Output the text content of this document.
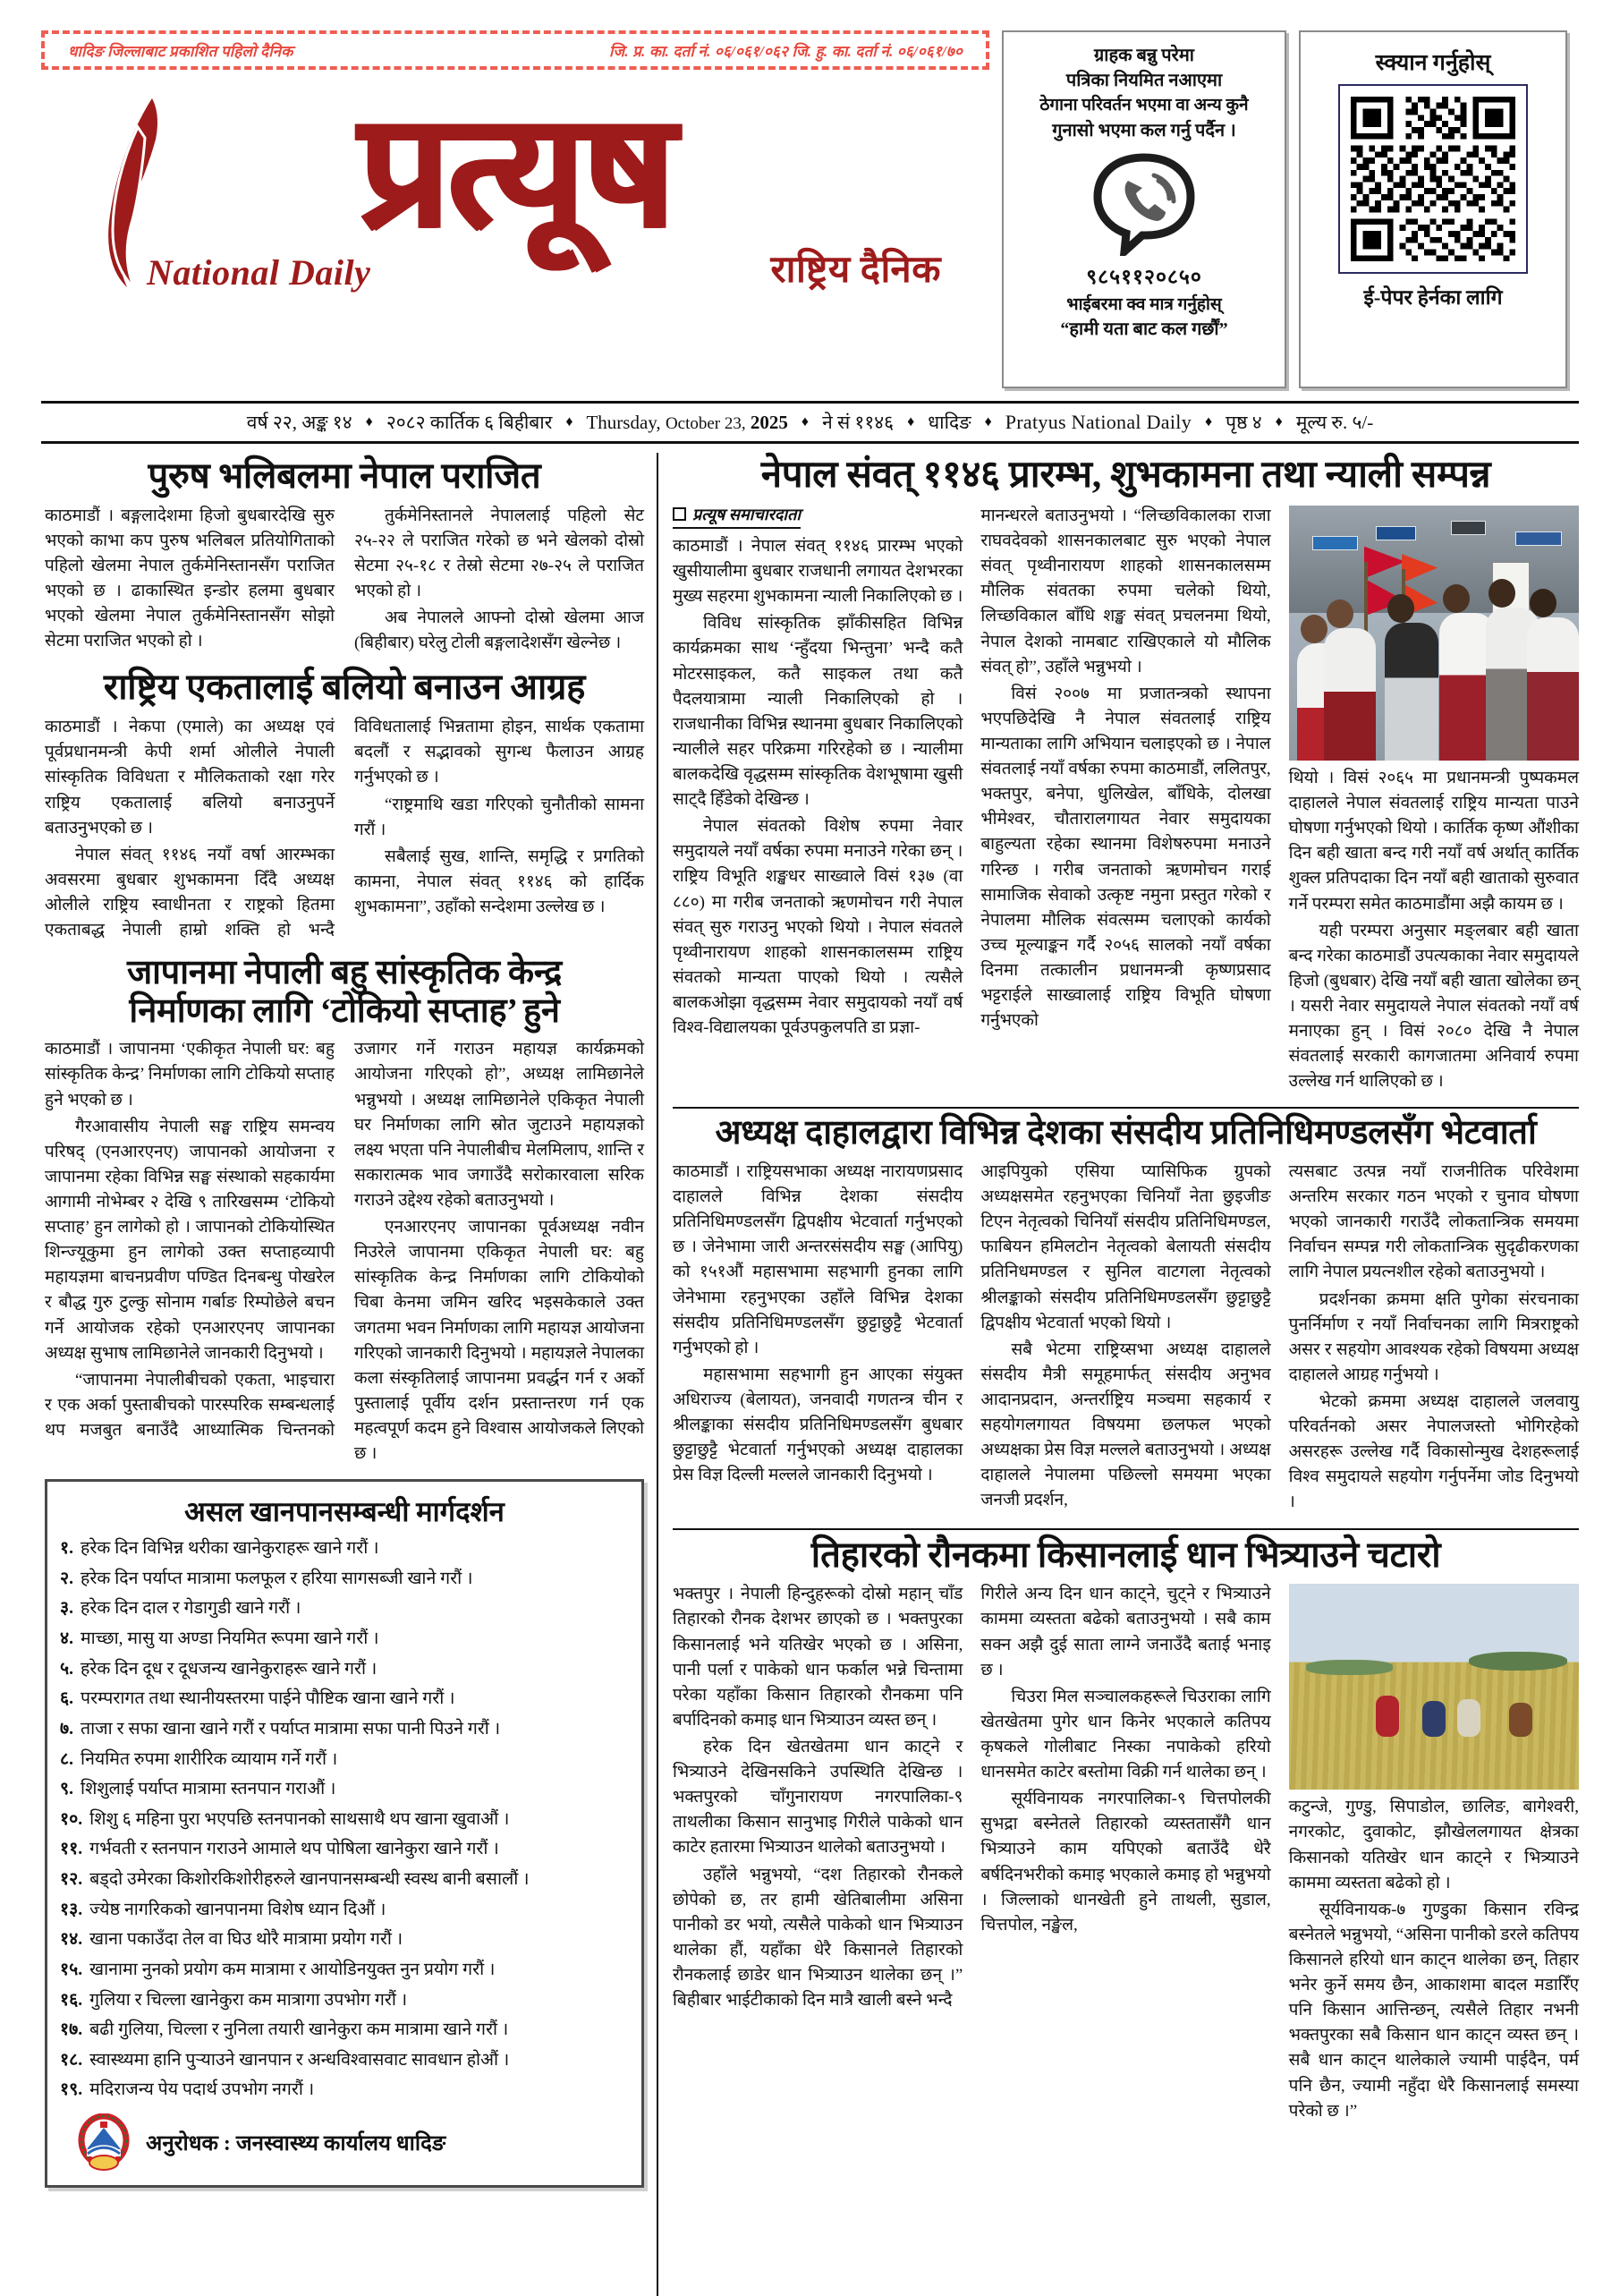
धादिङ जिल्लाबाट प्रकाशित पहिलो दैनिक	जि. प्र. का. दर्ता नं. ०६/०६१/०६२ जि. हु. का. दर्ता नं. ०६/०६१/७०
प्रत्यूष
National Daily	राष्ट्रिय दैनिक
ग्राहक बन्नु परेमा
पत्रिका नियमित नआएमा
ठेगाना परिवर्तन भएमा वा अन्य कुनै
गुनासो भएमा कल गर्नु पर्दैन ।
९८५११२०८५०
भाईबरमा क्व मात्र गर्नुहोस्
“हामी यता बाट कल गर्छौं”
स्क्यान गर्नुहोस्
ई-पेपर हेर्नका लागि
वर्ष २२, अङ्क १४ ♦ २०८२ कार्तिक ६ बिहीबार ♦ Thursday, October 23, 2025 ♦ ने सं ११४६ ♦ धादिङ ♦ Pratyus National Daily ♦ पृष्ठ ४ ♦ मूल्य रु. ५/-
पुरुष भलिबलमा नेपाल पराजित

काठमाडौं । बङ्गलादेशमा हिजो बुधबारदेखि सुरु भएको काभा कप पुरुष भलिबल प्रतियोगिताको पहिलो खेलमा नेपाल तुर्कमेनिस्तानसँग पराजित भएको छ । ढाकास्थित इन्डोर हलमा बुधबार भएको खेलमा नेपाल तुर्कमेनिस्तानसँग सोझो सेटमा पराजित भएको हो ।

तुर्कमेनिस्तानले नेपाललाई पहिलो सेट २५-२२ ले पराजित गरेको छ भने खेलको दोस्रो सेटमा २५-१८ र तेस्रो सेटमा २७-२५ ले पराजित भएको हो ।

अब नेपालले आफ्नो दोस्रो खेलमा आज (बिहीबार) घरेलु टोली बङ्गलादेशसँग खेल्नेछ ।

राष्ट्रिय एकतालाई बलियो बनाउन आग्रह

काठमाडौं । नेकपा (एमाले) का अध्यक्ष एवं पूर्वप्रधानमन्त्री केपी शर्मा ओलीले नेपाली सांस्कृतिक विविधता र मौलिकताको रक्षा गरेर राष्ट्रिय एकतालाई बलियो बनाउनुपर्ने बताउनुभएको छ ।

नेपाल संवत् ११४६ नयाँ वर्षा आरम्भका अवसरमा बुधबार शुभकामना दिँदै अध्यक्ष ओलीले राष्ट्रिय स्वाधीनता र राष्ट्रको हितमा एकताबद्ध नेपाली हाम्रो शक्ति हो भन्दै विविधतालाई भिन्नतामा होइन, सार्थक एकतामा बदलौं र सद्भावको सुगन्ध फैलाउन आग्रह गर्नुभएको छ ।

“राष्ट्रमाथि खडा गरिएको चुनौतीको सामना गरौं ।

सबैलाई सुख, शान्ति, समृद्धि र प्रगतिको कामना, नेपाल संवत् ११४६ को हार्दिक शुभकामना”, उहाँको सन्देशमा उल्लेख छ ।

जापानमा नेपाली बहु सांस्कृतिक केन्द्र
निर्माणका लागि ‘टोकियो सप्ताह’ हुने

काठमाडौं । जापानमा ‘एकीकृत नेपाली घर: बहु सांस्कृतिक केन्द्र’ निर्माणका लागि टोकियो सप्ताह हुने भएको छ ।

गैरआवासीय नेपाली सङ्घ राष्ट्रिय समन्वय परिषद् (एनआरएनए) जापानको आयोजना र जापानमा रहेका विभिन्न सङ्घ संस्थाको सहकार्यमा आगामी नोभेम्बर २ देखि ९ तारिखसम्म ‘टोकियो सप्ताह’ हुन लागेको हो । जापानको टोकियोस्थित शिन्ज्यूकुमा हुन लागेको उक्त सप्ताहव्यापी महायज्ञमा बाचनप्रवीण पण्डित दिनबन्धु पोखरेल र बौद्ध गुरु टुल्कु सोनाम गर्बाङ रिम्पोछेले बचन गर्ने आयोजक रहेको एनआरएनए जापानका अध्यक्ष सुभाष लामिछानेले जानकारी दिनुभयो ।

“जापानमा नेपालीबीचको एकता, भाइचारा र एक अर्का पुस्ताबीचको पारस्परिक सम्बन्धलाई थप मजबुत बनाउँदै आध्यात्मिक चिन्तनको उजागर गर्ने गराउन महायज्ञ कार्यक्रमको आयोजना गरिएको हो”, अध्यक्ष लामिछानेले भन्नुभयो । अध्यक्ष लामिछानेले एकिकृत नेपाली घर निर्माणका लागि स्रोत जुटाउने महायज्ञको लक्ष्य भएता पनि नेपालीबीच मेलमिलाप, शान्ति र सकारात्मक भाव जगाउँदै सरोकारवाला सरिक गराउने उद्देश्य रहेको बताउनुभयो ।

एनआरएनए जापानका पूर्वअध्यक्ष नवीन निउरेले जापानमा एकिकृत नेपाली घर: बहु सांस्कृतिक केन्द्र निर्माणका लागि टोकियोको चिबा केनमा जमिन खरिद भइसकेकाले उक्त जगतमा भवन निर्माणका लागि महायज्ञ आयोजना गरिएको जानकारी दिनुभयो । महायज्ञले नेपालका कला संस्कृतिलाई जापानमा प्रवर्द्धन गर्न र अर्को पुस्तालाई पूर्वीय दर्शन प्रस्तान्तरण गर्न एक महत्वपूर्ण कदम हुने विश्वास आयोजकले लिएको छ ।

असल खानपानसम्बन्धी मार्गदर्शन
१. हरेक दिन विभिन्न थरीका खानेकुराहरू खाने गरौं ।
२. हरेक दिन पर्याप्त मात्रामा फलफूल र हरिया सागसब्जी खाने गरौं ।
३. हरेक दिन दाल र गेडागुडी खाने गरौं ।
४. माच्छा, मासु या अण्डा नियमित रूपमा खाने गरौं ।
५. हरेक दिन दूध र दूधजन्य खानेकुराहरू खाने गरौं ।
६. परम्परागत तथा स्थानीयस्तरमा पाईने पौष्टिक खाना खाने गरौं ।
७. ताजा र सफा खाना खाने गरौं र पर्याप्त मात्रामा सफा पानी पिउने गरौं ।
८. नियमित रुपमा शारीरिक व्यायाम गर्ने गरौं ।
९. शिशुलाई पर्याप्त मात्रामा स्तनपान गराऔं ।
१०. शिशु ६ महिना पुरा भएपछि स्तनपानको साथसाथै थप खाना खुवाऔं ।
११. गर्भवती र स्तनपान गराउने आमाले थप पोषिला खानेकुरा खाने गरौं ।
१२. बड्दो उमेरका किशोरकिशोरीहरुले खानपानसम्बन्धी स्वस्थ बानी बसालौं ।
१३. ज्येष्ठ नागरिकको खानपानमा विशेष ध्यान दिऔं ।
१४. खाना पकाउँदा तेल वा घिउ थोरै मात्रामा प्रयोग गरौं ।
१५. खानामा नुनको प्रयोग कम मात्रामा र आयोडिनयुक्त नुन प्रयोग गरौं ।
१६. गुलिया र चिल्ला खानेकुरा कम मात्रागा उपभोग गरौं ।
१७. बढी गुलिया, चिल्ला र नुनिला तयारी खानेकुरा कम मात्रामा खाने गरौं ।
१८. स्वास्थ्यमा हानि पुऱ्याउने खानपान र अन्धविश्वासवाट सावधान होऔं ।
१९. मदिराजन्य पेय पदार्थ उपभोग नगरौं ।
अनुरोधक : जनस्वास्थ्य कार्यालय धादिङ
नेपाल संवत् ११४६ प्रारम्भ, शुभकामना तथा न्याली सम्पन्न
प्रत्यूष समाचारदाता

काठमाडौं । नेपाल संवत् ११४६ प्रारम्भ भएको खुसीयालीमा बुधबार राजधानी लगायत देशभरका मुख्य सहरमा शुभकामना न्याली निकालिएको छ ।

विविध सांस्कृतिक झाँकीसहित विभिन्न कार्यक्रमका साथ ‘न्हुँदया भिन्तुना’ भन्दै कतै मोटरसाइकल, कतै साइकल तथा कतै पैदलयात्रामा न्याली निकालिएको हो । राजधानीका विभिन्न स्थानमा बुधबार निकालिएको न्यालीले सहर परिक्रमा गरिरहेको छ । न्यालीमा बालकदेखि वृद्धसम्म सांस्कृतिक वेशभूषामा खुसी साट्दै हिँडेको देखिन्छ ।

नेपाल संवतको विशेष रुपमा नेवार समुदायले नयाँ वर्षका रुपमा मनाउने गरेका छन् । राष्ट्रिय विभूति शङ्खधर साख्वाले विसं १३७ (वा ८८०) मा गरीब जनताको ऋणमोचन गरी नेपाल संवत् सुरु गराउनु भएको थियो । नेपाल संवतले पृथ्वीनारायण शाहको शासनकालसम्म राष्ट्रिय संवतको मान्यता पाएको थियो । त्यसैले बालकओझा वृद्धसम्म नेवार समुदायको नयाँ वर्ष विश्व-विद्यालयका पूर्वउपकुलपति डा प्रज्ञा-

मानन्धरले बताउनुभयो । “लिच्छविकालका राजा राघवदेवको शासनकालबाट सुरु भएको नेपाल संवत् पृथ्वीनारायण शाहको शासनकालसम्म मौलिक संवतका रुपमा चलेको थियो, लिच्छविकाल बाँधि शङ्ख संवत् प्रचलनमा थियो, नेपाल देशको नामबाट राखिएकाले यो मौलिक संवत् हो”, उहाँले भन्नुभयो ।

विसं २००७ मा प्रजातन्त्रको स्थापना भएपछिदेखि नै नेपाल संवतलाई राष्ट्रिय मान्यताका लागि अभियान चलाइएको छ । नेपाल संवतलाई नयाँ वर्षका रुपमा काठमाडौं, ललितपुर, भक्तपुर, बनेपा, धुलिखेल, बाँधिकेे, दोलखा भीमेश्वर, चौतारालगायत नेवार समुदायका बाहुल्यता रहेका स्थानमा विशेषरुपमा मनाउने गरिन्छ । गरीब जनताको ऋणमोचन गराई सामाजिक सेवाको उत्कृष्ट नमुना प्रस्तुत गरेको र नेपालमा मौलिक संवत्सम्म चलाएको कार्यको उच्च मूल्याङ्कन गर्दै २०५६ सालको नयाँ वर्षका दिनमा तत्कालीन प्रधानमन्त्री कृष्णप्रसाद भट्टराईले साख्वालाई राष्ट्रिय विभूति घोषणा गर्नुभएको

थियो । विसं २०६५ मा प्रधानमन्त्री पुष्पकमल दाहालले नेपाल संवतलाई राष्ट्रिय मान्यता पाउने घोषणा गर्नुभएको थियो । कार्तिक कृष्ण औंशीका दिन बही खाता बन्द गरी नयाँ वर्ष अर्थात् कार्तिक शुक्ल प्रतिपदाका दिन नयाँ बही खाताको सुरुवात गर्ने परम्परा समेत काठमाडौंमा अझै कायम छ ।

यही परम्परा अनुसार मङ्लबार बही खाता बन्द गरेका काठमाडौं उपत्यकाका नेवार समुदायले हिजो (बुधबार) देखि नयाँ बही खाता खोलेका छन् । यसरी नेवार समुदायले नेपाल संवतको नयाँ वर्ष मनाएका हुन् । विसं २०८० देखि नै नेपाल संवतलाई सरकारी कागजातमा अनिवार्य रुपमा उल्लेख गर्न थालिएको छ ।

अध्यक्ष दाहालद्वारा विभिन्न देशका संसदीय प्रतिनिधिमण्डलसँग भेटवार्ता

काठमाडौं । राष्ट्रियसभाका अध्यक्ष नारायणप्रसाद दाहालले विभिन्न देशका संसदीय प्रतिनिधिमण्डलसँग द्विपक्षीय भेटवार्ता गर्नुभएको छ । जेनेभामा जारी अन्तरसंसदीय सङ्घ (आपियु) को १५१औं महासभामा सहभागी हुनका लागि जेनेभामा रहनुभएका उहाँले विभिन्न देशका संसदीय प्रतिनिधिमण्डलसँग छुट्टाछुट्टै भेटवार्ता गर्नुभएको हो ।

महासभामा सहभागी हुन आएका संयुक्त अधिराज्य (बेलायत), जनवादी गणतन्त्र चीन र श्रीलङ्काका संसदीय प्रतिनिधिमण्डलसँग बुधबार छुट्टाछुट्टै भेटवार्ता गर्नुभएको अध्यक्ष दाहालका प्रेस विज्ञ दिल्ली मल्लले जानकारी दिनुभयो ।

आइपियुको एसिया प्यासिफिक ग्रुपको अध्यक्षसमेत रहनुभएका चिनियाँ नेता छुइजीङ टिएन नेतृत्वको चिनियाँ संसदीय प्रतिनिधिमण्डल, फाबियन हमिलटोन नेतृत्वको बेलायती संसदीय प्रतिनिधमण्डल र सुनिल वाटगला नेतृत्वको श्रीलङ्काको संसदीय प्रतिनिधिमण्डलसँग छुट्टाछुट्टै द्विपक्षीय भेटवार्ता भएको थियो ।

सबै भेटमा राष्ट्रिय्सभा अध्यक्ष दाहालले संसदीय मैत्री समूहमार्फत् संसदीय अनुभव आदानप्रदान, अन्तर्राष्ट्रिय मञ्चमा सहकार्य र सहयोगलगायत विषयमा छलफल भएको अध्यक्षका प्रेस विज्ञ मल्लले बताउनुभयो । अध्यक्ष दाहालले नेपालमा पछिल्लो समयमा भएका जनजी प्रदर्शन,

त्यसबाट उत्पन्न नयाँ राजनीतिक परिवेशमा अन्तरिम सरकार गठन भएको र चुनाव घोषणा भएको जानकारी गराउँदै लोकतान्त्रिक समयमा निर्वाचन सम्पन्न गरी लोकतान्त्रिक सुदृढीकरणका लागि नेपाल प्रयत्नशील रहेको बताउनुभयो ।

प्रदर्शनका क्रममा क्षति पुगेका संरचनाका पुनर्निर्माण र नयाँ निर्वाचनका लागि मित्रराष्ट्रको असर र सहयोग आवश्यक रहेको विषयमा अध्यक्ष दाहालले आग्रह गर्नुभयो ।

भेटको क्रममा अध्यक्ष दाहालले जलवायु परिवर्तनको असर नेपालजस्तो भोगिरहेको असरहरू उल्लेख गर्दै विकासोन्मुख देशहरूलाई विश्व समुदायले सहयोग गर्नुपर्नेमा जोड दिनुभयो ।

तिहारको रौनकमा किसानलाई धान भित्र्याउने चटारो

भक्तपुर । नेपाली हिन्दुहरूको दोस्रो महान् चाँड तिहारको रौनक देशभर छाएको छ । भक्तपुरका किसानलाई भने यतिखेर भएको छ । असिना, पानी पर्ला र पाकेको धान फर्काल भन्ने चिन्तामा परेका यहाँका किसान तिहारको रौनकमा पनि बर्पादिनको कमाइ धान भित्र्याउन व्यस्त छन् ।

हरेक दिन खेतखेतमा धान काट्ने र भित्र्याउने देखिनसकिने उपस्थिति देखिन्छ । भक्तपुरको चाँगुनारायण नगरपालिका-९ ताथलीका किसान सानुभाइ गिरीले पाकेको धान काटेर हतारमा भित्र्याउन थालेको बताउनुभयो ।

उहाँले भन्नुभयो, “दश तिहारको रौनकले छोपेको छ, तर हामी खेतिबालीमा असिना पानीको डर भयो, त्यसैले पाकेको धान भित्र्याउन थालेका हौं, यहाँका धेरै किसानले तिहारको रौनकलाई छाडेर धान भित्र्याउन थालेका छन् ।” बिहीबार भाईटीकाको दिन मात्रै खाली बस्ने भन्दै

गिरीले अन्य दिन धान काट्ने, चुट्ने र भित्र्याउने काममा व्यस्तता बढेको बताउनुभयो । सबै काम सक्न अझै दुई साता लाग्ने जनाउँदै बताई भनाइ छ ।

चिउरा मिल सञ्चालकहरूले चिउराका लागि खेतखेतमा पुगेर धान किनेर भएकाले कतिपय कृषकले गोलीबाट निस्का नपाकेको हरियो धानसमेत काटेर बस्तोमा विक्री गर्न थालेका छन् ।

सूर्यविनायक नगरपालिका-९ चित्तपोलकी सुभद्रा बस्नेतले तिहारको व्यस्ततासँगै धान भित्र्याउने काम यपिएको बताउँदै धेरै बर्षदिनभरीको कमाइ भएकाले कमाइ हो भन्नुभयो । जिल्लाको धानखेती हुने ताथली, सुडाल, चित्तपोल, नङ्खेल,

कटुन्जे, गुण्डु, सिपाडोल, छालिङ, बागेश्वरी, नगरकोट, दुवाकोट, झौखेललगायत क्षेत्रका किसानको यतिखेर धान काट्ने र भित्र्याउने काममा व्यस्तता बढेको हो ।

सूर्यविनायक-७ गुण्डुका किसान रविन्द्र बस्नेतले भन्नुभयो, “असिना पानीको डरले कतिपय किसानले हरियो धान काट्न थालेका छन्, तिहार भनेर कुर्ने समय छैन, आकाशमा बादल मडारिँए पनि किसान आत्तिन्छन्, त्यसैले तिहार नभनी भक्तपुरका सबै किसान धान काट्न व्यस्त छन् । सबै धान काट्न थालेकाले ज्यामी पाईदैन, पर्म पनि छैन, ज्यामी नहुँदा धेरै किसानलाई समस्या परेको छ ।”
